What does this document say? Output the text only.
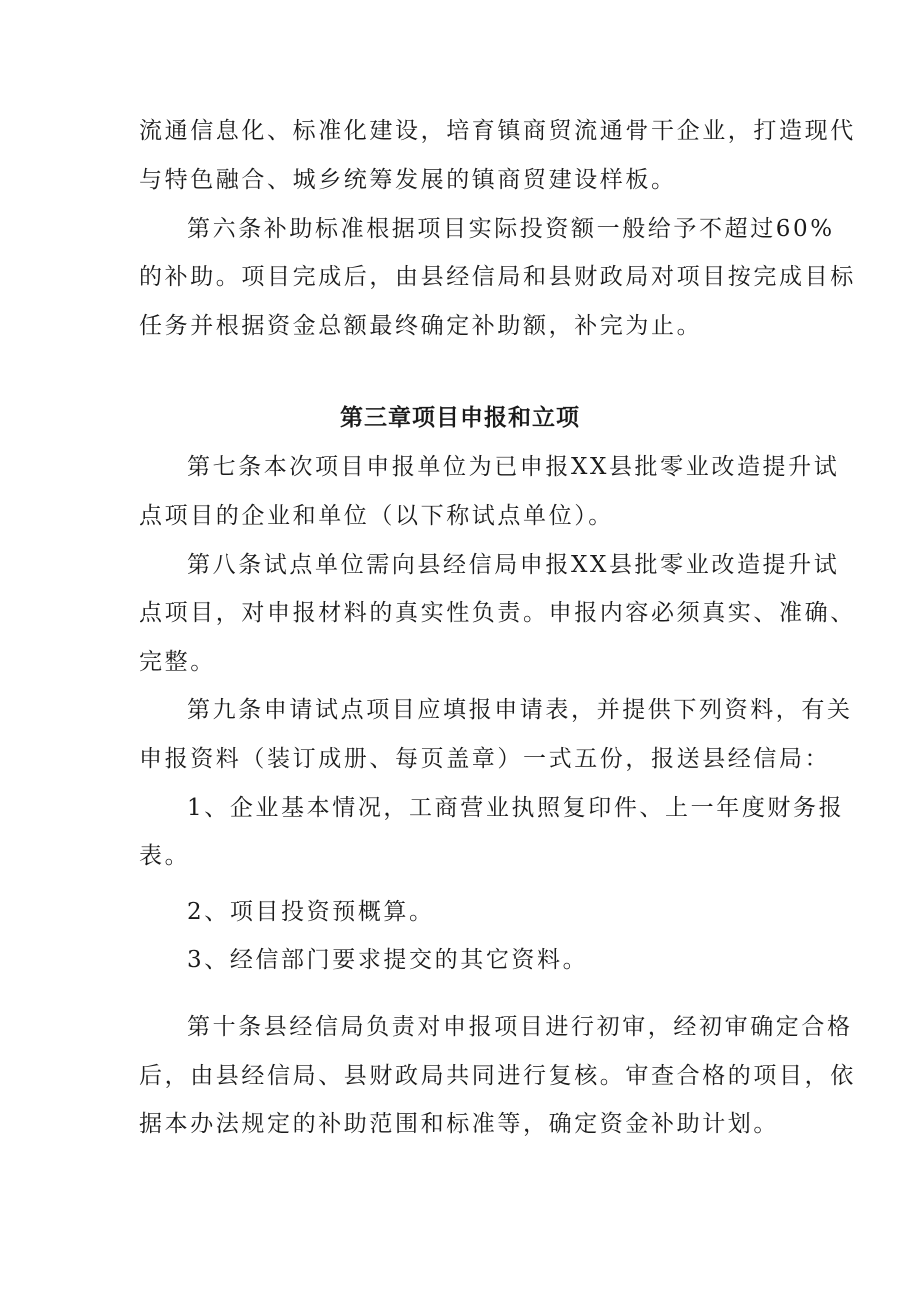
流通信息化、标准化建设，培育镇商贸流通骨干企业，打造现代
与特色融合、城乡统筹发展的镇商贸建设样板。
第六条补助标准根据项目实际投资额一般给予不超过60%
的补助。项目完成后，由县经信局和县财政局对项目按完成目标
任务并根据资金总额最终确定补助额，补完为止。
第三章项目申报和立项
第七条本次项目申报单位为已申报XX县批零业改造提升试
点项目的企业和单位（以下称试点单位）。
第八条试点单位需向县经信局申报XX县批零业改造提升试
点项目，对申报材料的真实性负责。申报内容必须真实、准确、
完整。
第九条申请试点项目应填报申请表，并提供下列资料，有关
申报资料（装订成册、每页盖章）一式五份，报送县经信局：
1、企业基本情况，工商营业执照复印件、上一年度财务报
表。
2、项目投资预概算。
3、经信部门要求提交的其它资料。
第十条县经信局负责对申报项目进行初审，经初审确定合格
后，由县经信局、县财政局共同进行复核。审查合格的项目，依
据本办法规定的补助范围和标准等，确定资金补助计划。
